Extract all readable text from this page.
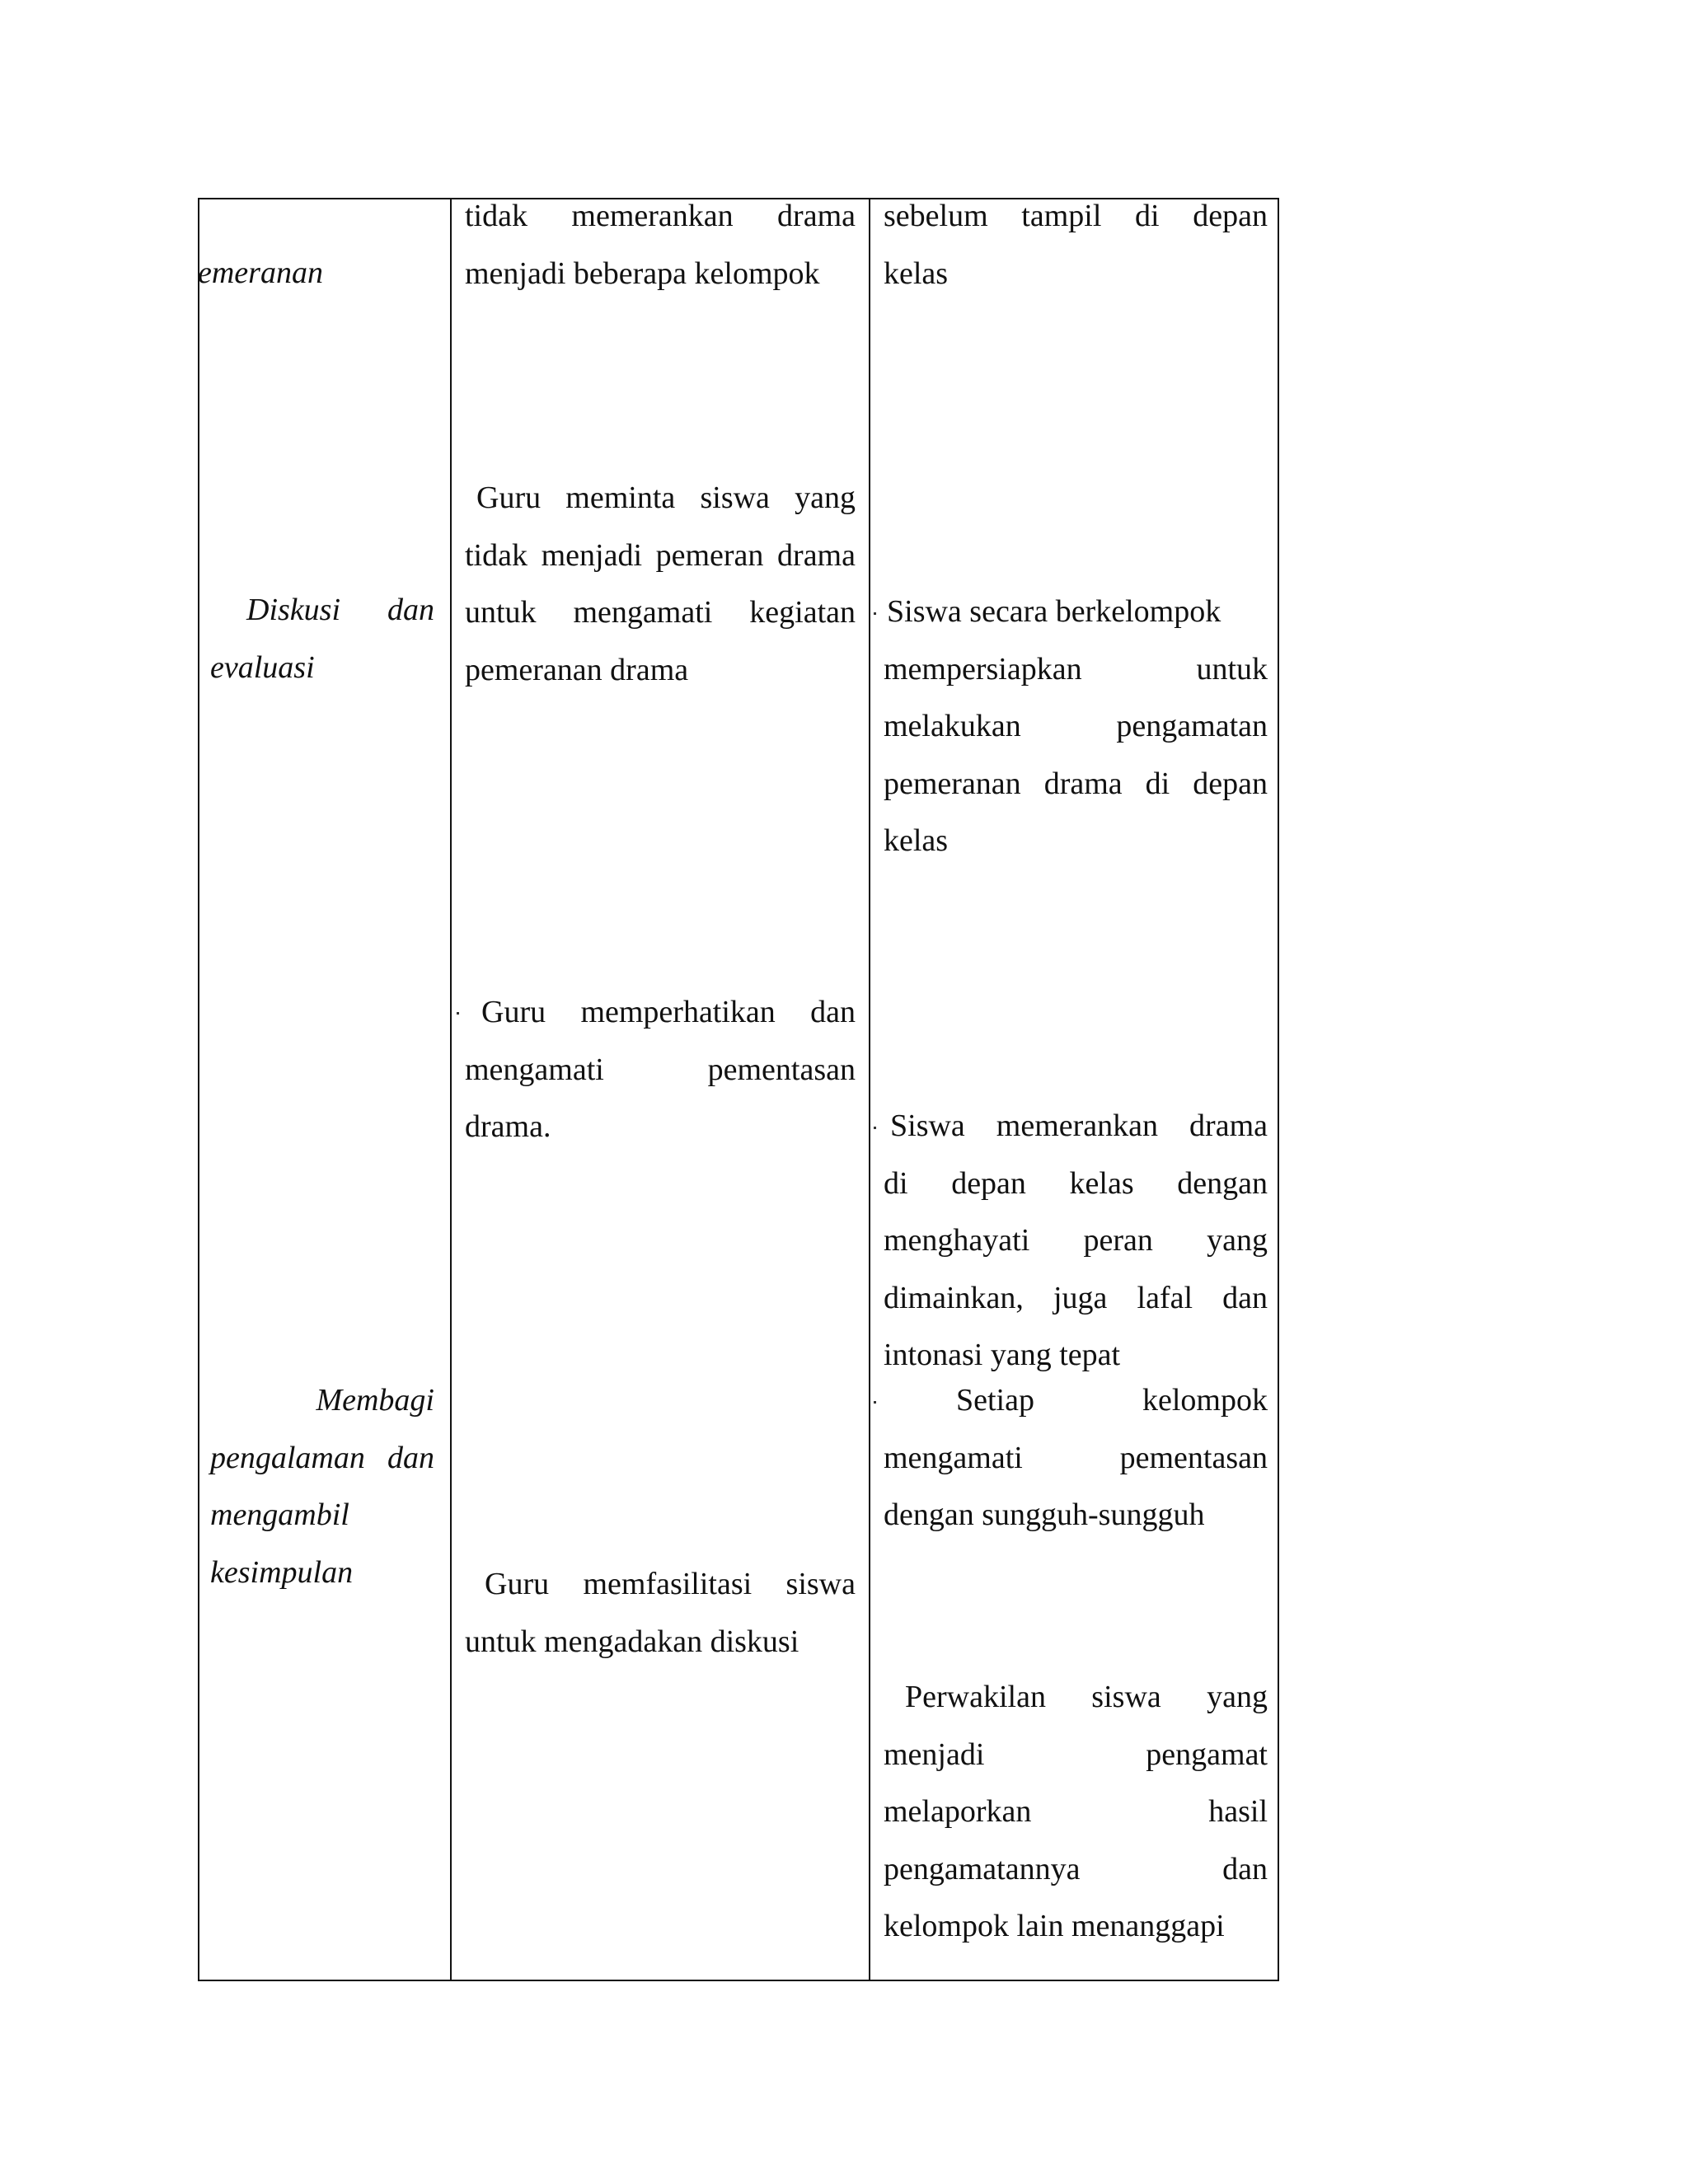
emeranan
Diskusi dan
evaluasi
Membagi
pengalaman dan
mengambil
kesimpulan
tidak memerankan drama
menjadi beberapa kelompok
Guru meminta siswa yang
tidak menjadi pemeran drama
untuk mengamati kegiatan
pemeranan drama
Guru memperhatikan dan
mengamati pementasan
drama.
Guru memfasilitasi siswa
untuk mengadakan diskusi
sebelum tampil di depan
kelas
Siswa secara berkelompok
mempersiapkan untuk
melakukan pengamatan
pemeranan drama di depan
kelas
Siswa memerankan drama
di depan kelas dengan
menghayati peran yang
dimainkan, juga lafal dan
intonasi yang tepat
Setiap kelompok
mengamati pementasan
dengan sungguh-sungguh
Perwakilan siswa yang
menjadi pengamat
melaporkan hasil
pengamatannya dan
kelompok lain menanggapi
